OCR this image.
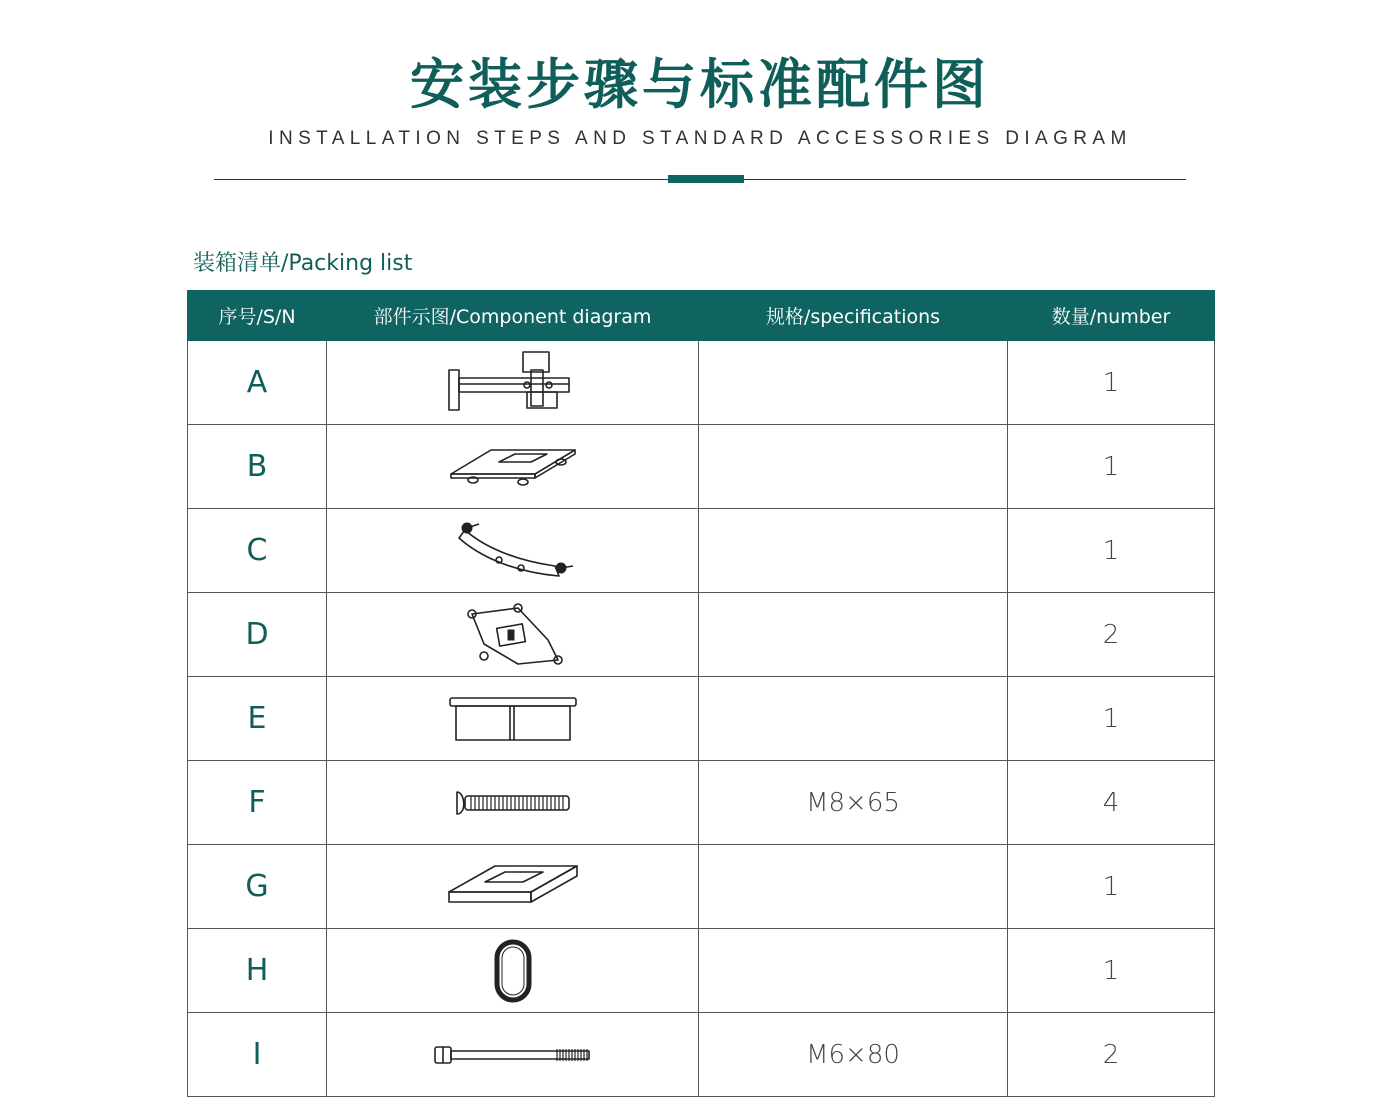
安装步骤与标准配件图
INSTALLATION STEPS AND STANDARD ACCESSORIES DIAGRAM
装箱清单/Packing list
序号/S/N	部件示图/Component diagram	规格/specifications	数量/number
A			1
B			1
C			1
D			2
E			1
F		M8×65	4
G			1
H			1
I		M6×80	2
